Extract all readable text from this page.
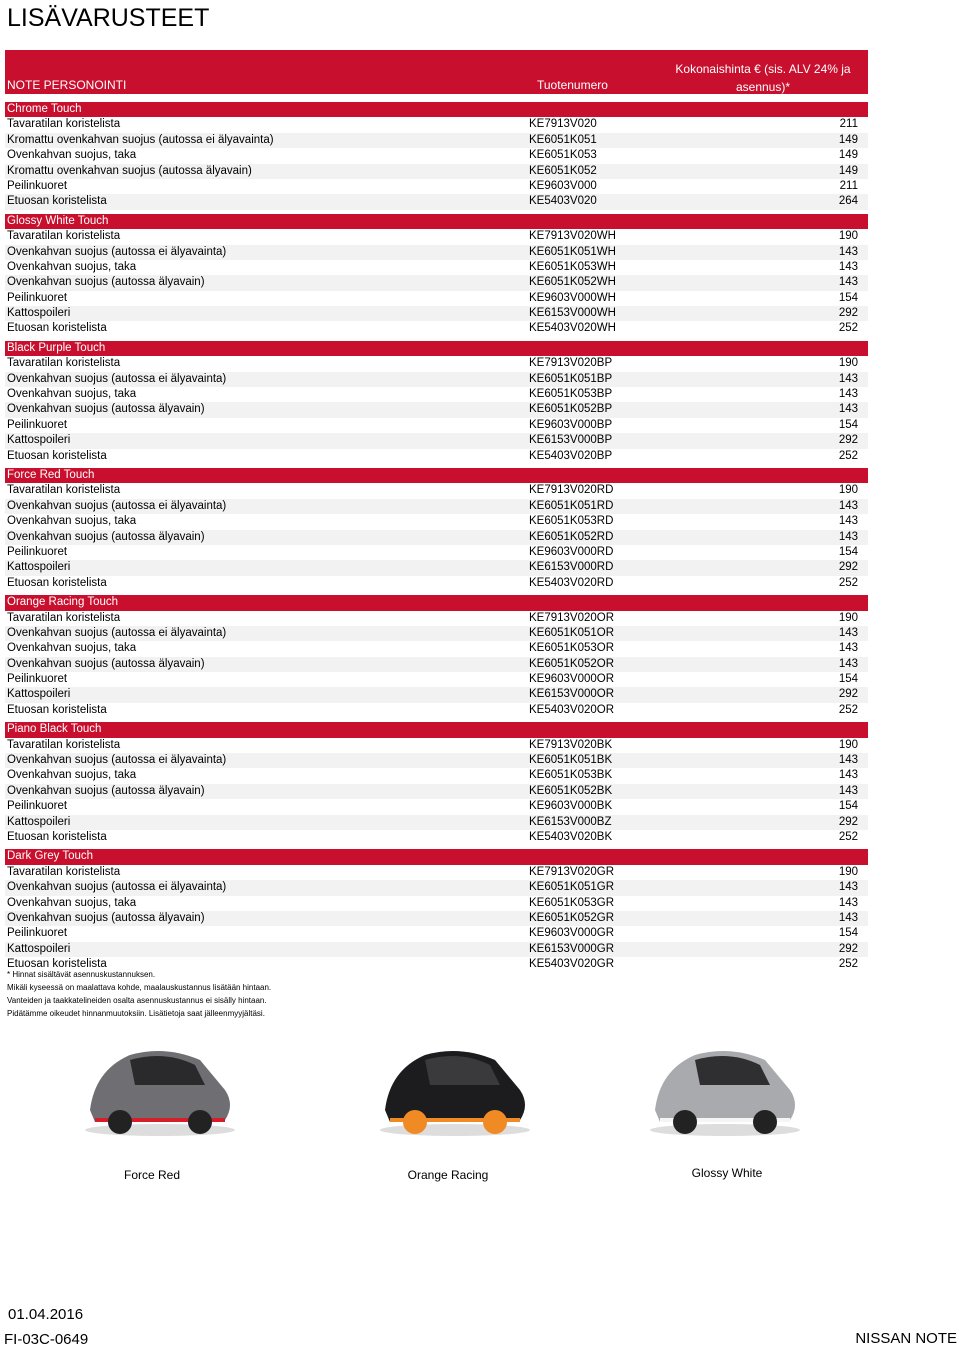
LISÄVARUSTEET
NOTE PERSONOINTI	Tuotenumero
Kokonaishinta € (sis. ALV 24% ja asennus)*
Chrome Touch
Tavaratilan koristelista	KE7913V020	211
Kromattu ovenkahvan suojus (autossa ei älyavainta)	KE6051K051	149
Ovenkahvan suojus, taka	KE6051K053	149
Kromattu ovenkahvan suojus (autossa älyavain)	KE6051K052	149
Peilinkuoret	KE9603V000	211
Etuosan koristelista	KE5403V020	264
Glossy White Touch
Tavaratilan koristelista	KE7913V020WH	190
Ovenkahvan suojus (autossa ei älyavainta)	KE6051K051WH	143
Ovenkahvan suojus, taka	KE6051K053WH	143
Ovenkahvan suojus (autossa älyavain)	KE6051K052WH	143
Peilinkuoret	KE9603V000WH	154
Kattospoileri	KE6153V000WH	292
Etuosan koristelista	KE5403V020WH	252
Black Purple Touch
Tavaratilan koristelista	KE7913V020BP	190
Ovenkahvan suojus (autossa ei älyavainta)	KE6051K051BP	143
Ovenkahvan suojus, taka	KE6051K053BP	143
Ovenkahvan suojus (autossa älyavain)	KE6051K052BP	143
Peilinkuoret	KE9603V000BP	154
Kattospoileri	KE6153V000BP	292
Etuosan koristelista	KE5403V020BP	252
Force Red Touch
Tavaratilan koristelista	KE7913V020RD	190
Ovenkahvan suojus (autossa ei älyavainta)	KE6051K051RD	143
Ovenkahvan suojus, taka	KE6051K053RD	143
Ovenkahvan suojus (autossa älyavain)	KE6051K052RD	143
Peilinkuoret	KE9603V000RD	154
Kattospoileri	KE6153V000RD	292
Etuosan koristelista	KE5403V020RD	252
Orange Racing Touch
Tavaratilan koristelista	KE7913V020OR	190
Ovenkahvan suojus (autossa ei älyavainta)	KE6051K051OR	143
Ovenkahvan suojus, taka	KE6051K053OR	143
Ovenkahvan suojus (autossa älyavain)	KE6051K052OR	143
Peilinkuoret	KE9603V000OR	154
Kattospoileri	KE6153V000OR	292
Etuosan koristelista	KE5403V020OR	252
Piano Black Touch
Tavaratilan koristelista	KE7913V020BK	190
Ovenkahvan suojus (autossa ei älyavainta)	KE6051K051BK	143
Ovenkahvan suojus, taka	KE6051K053BK	143
Ovenkahvan suojus (autossa älyavain)	KE6051K052BK	143
Peilinkuoret	KE9603V000BK	154
Kattospoileri	KE6153V000BZ	292
Etuosan koristelista	KE5403V020BK	252
Dark Grey Touch
Tavaratilan koristelista	KE7913V020GR	190
Ovenkahvan suojus (autossa ei älyavainta)	KE6051K051GR	143
Ovenkahvan suojus, taka	KE6051K053GR	143
Ovenkahvan suojus (autossa älyavain)	KE6051K052GR	143
Peilinkuoret	KE9603V000GR	154
Kattospoileri	KE6153V000GR	292
Etuosan koristelista	KE5403V020GR	252
* Hinnat sisältävät asennuskustannuksen.
Mikäli kyseessä on maalattava kohde, maalauskustannus lisätään hintaan.
Vanteiden ja taakkatelineiden osalta asennuskustannus ei sisälly hintaan.
Pidätämme oikeudet hinnanmuutoksiin. Lisätietoja saat jälleenmyyjältäsi.
Force Red	Orange Racing	Glossy White
01.04.2016
FI-03C-0649	NISSAN NOTE
